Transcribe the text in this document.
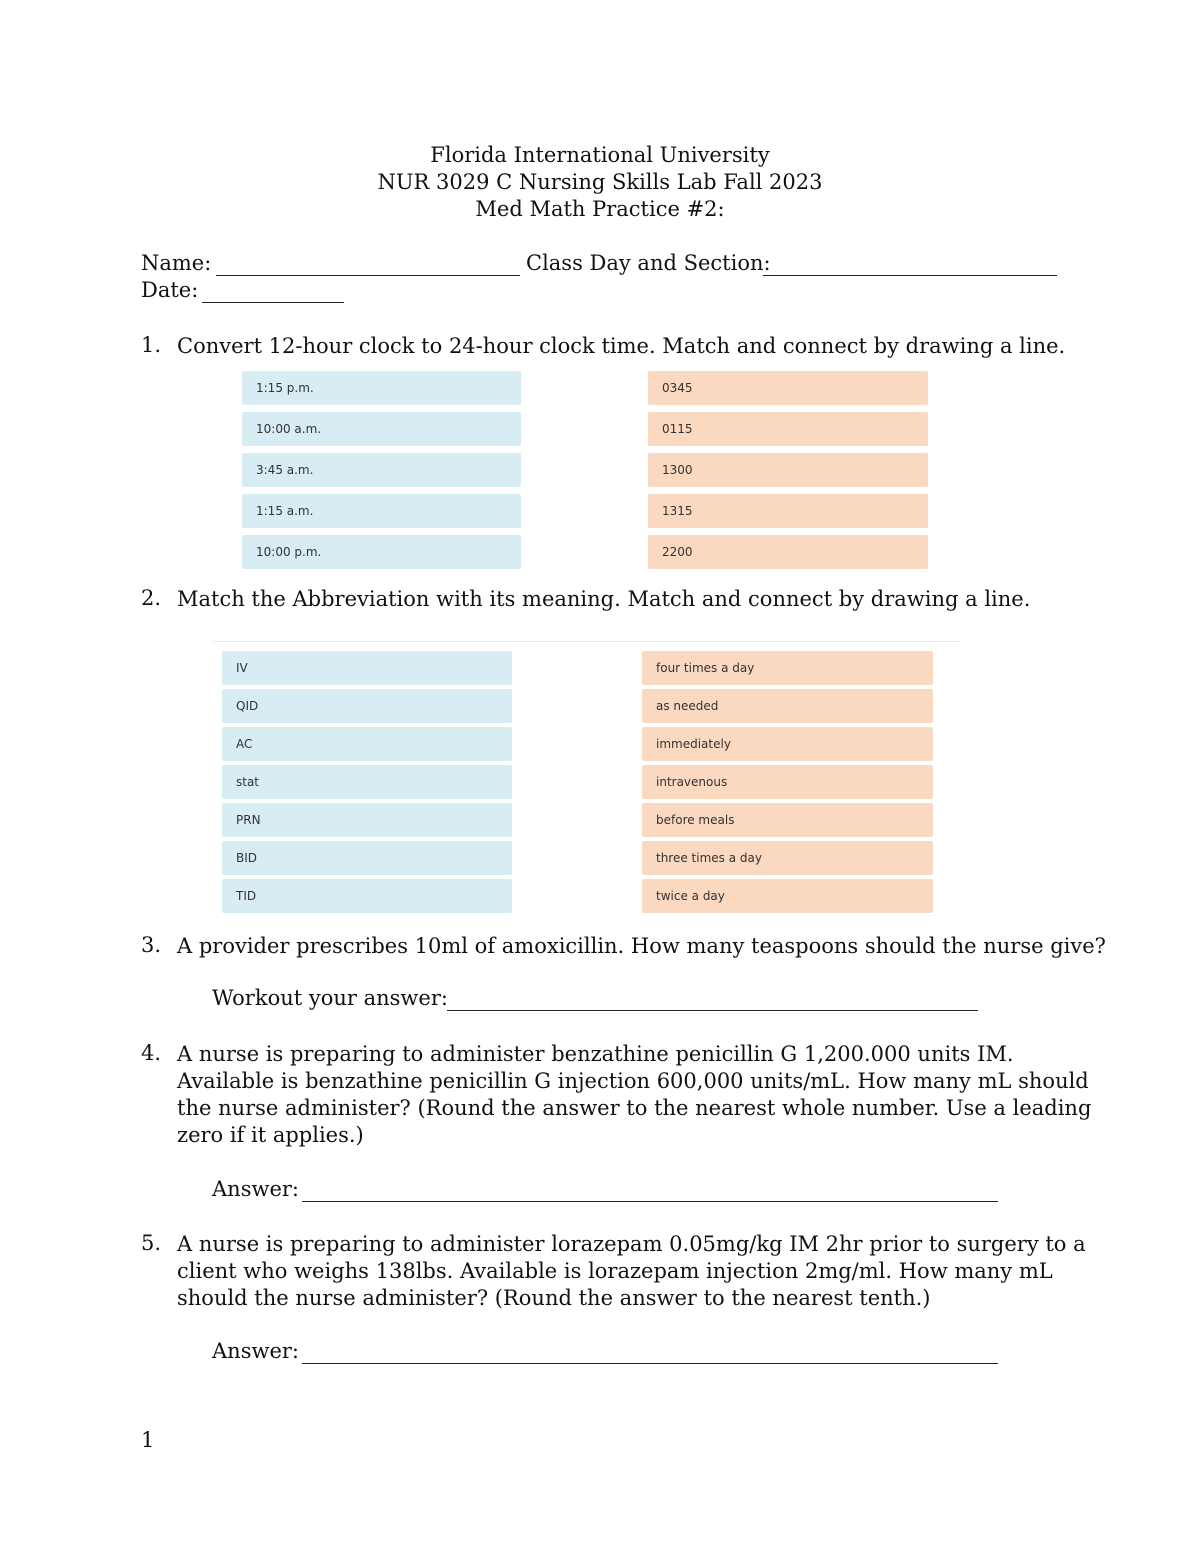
Florida International University
NUR 3029 C Nursing Skills Lab Fall 2023
Med Math Practice #2:
Name:	Class Day and Section:
Date:
1. Convert 12-hour clock to 24-hour clock time. Match and connect by drawing a line.
1:15 p.m.
10:00 a.m.
3:45 a.m.
1:15 a.m.
10:00 p.m.
0345
0115
1300
1315
2200
2. Match the Abbreviation with its meaning. Match and connect by drawing a line.
IV
QID
AC
stat
PRN
BID
TID
four times a day
as needed
immediately
intravenous
before meals
three times a day
twice a day
3. A provider prescribes 10ml of amoxicillin. How many teaspoons should the nurse give?
Workout your answer:
4. A nurse is preparing to administer benzathine penicillin G 1,200.000 units IM.
Available is benzathine penicillin G injection 600,000 units/mL. How many mL should
the nurse administer? (Round the answer to the nearest whole number. Use a leading
zero if it applies.)
Answer:
5. A nurse is preparing to administer lorazepam 0.05mg/kg IM 2hr prior to surgery to a
client who weighs 138lbs. Available is lorazepam injection 2mg/ml. How many mL
should the nurse administer? (Round the answer to the nearest tenth.)
Answer:
1
